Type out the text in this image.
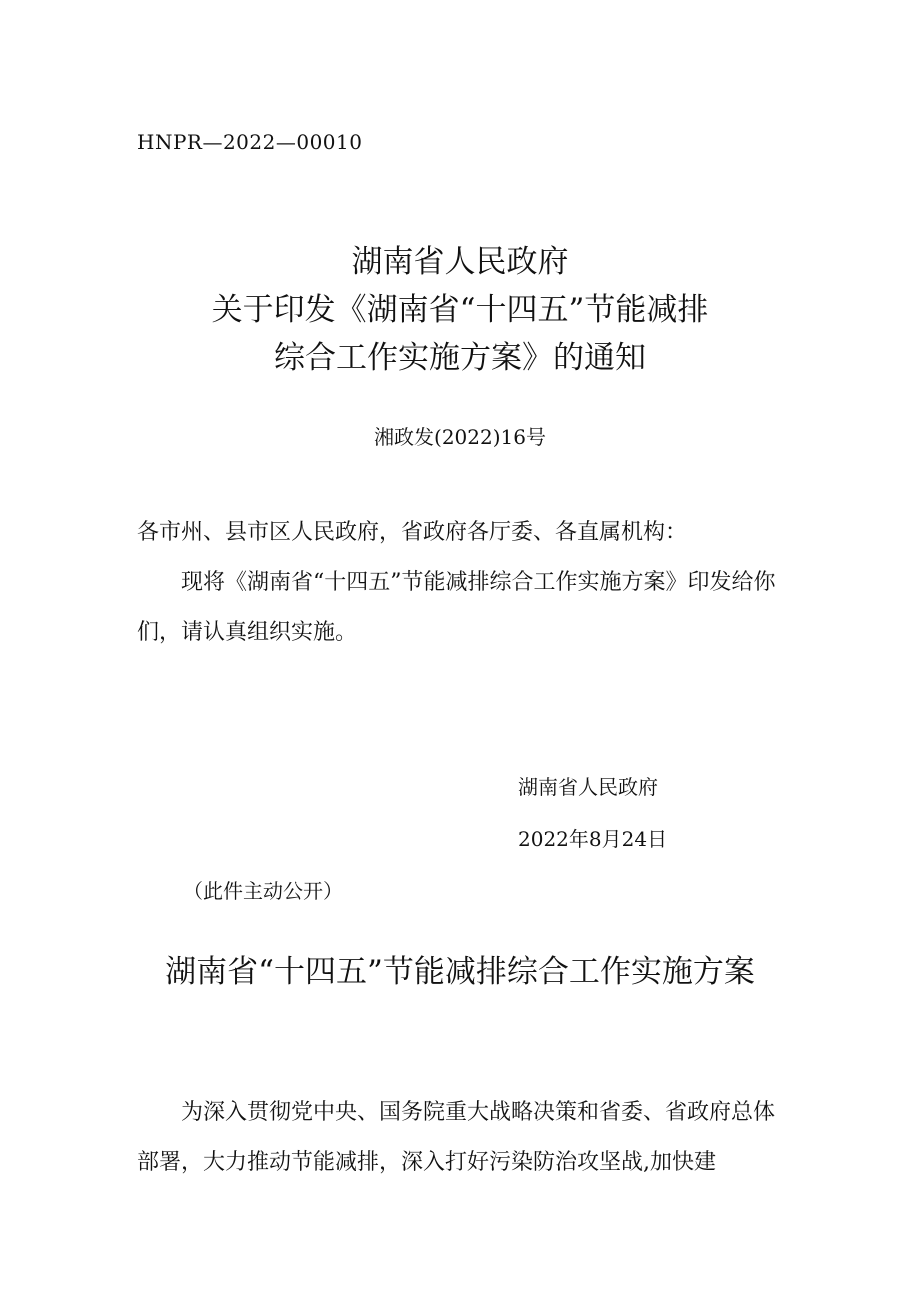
HNPR—2022—00010
湖南省人民政府
关于印发《湖南省“十四五”节能减排
综合工作实施方案》的通知
湘政发(2022)16号
各市州、县市区人民政府，省政府各厅委、各直属机构：
现将《湖南省“十四五”节能减排综合工作实施方案》印发给你们，请认真组织实施。
湖南省人民政府
2022年8月24日
（此件主动公开）
湖南省“十四五”节能减排综合工作实施方案
为深入贯彻党中央、国务院重大战略决策和省委、省政府总体部署，大力推动节能减排，深入打好污染防治攻坚战,加快建
